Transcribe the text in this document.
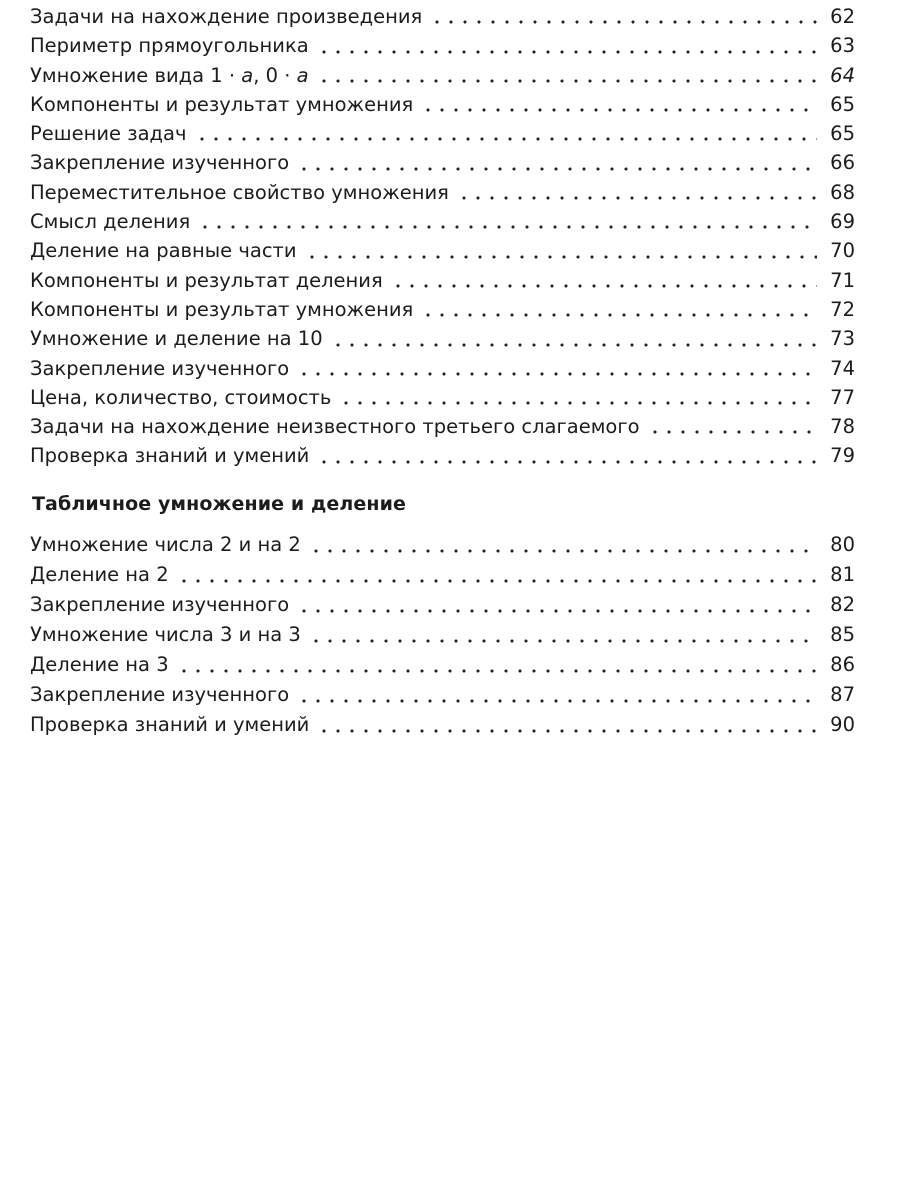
Задачи на нахождение произведения	62
Периметр прямоугольника	63
Умножение вида 1 · a, 0 · a	64
Компоненты и результат умножения	65
Решение задач	65
Закрепление изученного	66
Переместительное свойство умножения	68
Смысл деления	69
Деление на равные части	70
Компоненты и результат деления	71
Компоненты и результат умножения	72
Умножение и деление на 10	73
Закрепление изученного	74
Цена, количество, стоимость	77
Задачи на нахождение неизвестного третьего слагаемого	78
Проверка знаний и умений	79
Табличное умножение и деление
Умножение числа 2 и на 2	80
Деление на 2	81
Закрепление изученного	82
Умножение числа 3 и на 3	85
Деление на 3	86
Закрепление изученного	87
Проверка знаний и умений	90
